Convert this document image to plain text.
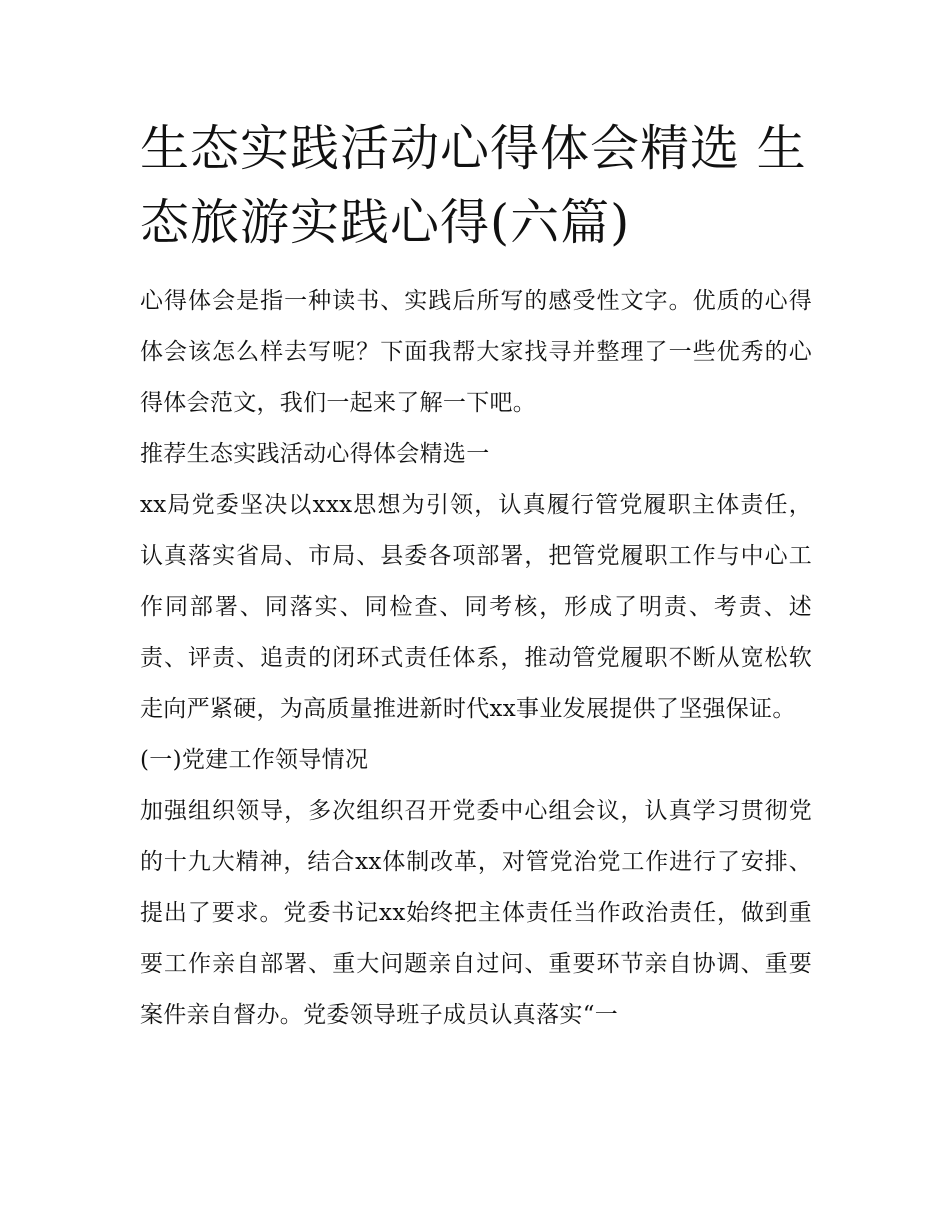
生态实践活动心得体会精选 生态旅游实践心得(六篇)

心得体会是指一种读书、实践后所写的感受性文字。优质的心得体会该怎么样去写呢？下面我帮大家找寻并整理了一些优秀的心得体会范文，我们一起来了解一下吧。

推荐生态实践活动心得体会精选一

xx局党委坚决以xxx思想为引领，认真履行管党履职主体责任，认真落实省局、市局、县委各项部署，把管党履职工作与中心工作同部署、同落实、同检查、同考核，形成了明责、考责、述责、评责、追责的闭环式责任体系，推动管党履职不断从宽松软走向严紧硬，为高质量推进新时代xx事业发展提供了坚强保证。

(一)党建工作领导情况

加强组织领导，多次组织召开党委中心组会议，认真学习贯彻党的十九大精神，结合xx体制改革，对管党治党工作进行了安排、提出了要求。党委书记xx始终把主体责任当作政治责任，做到重要工作亲自部署、重大问题亲自过问、重要环节亲自协调、重要案件亲自督办。党委领导班子成员认真落实“一
